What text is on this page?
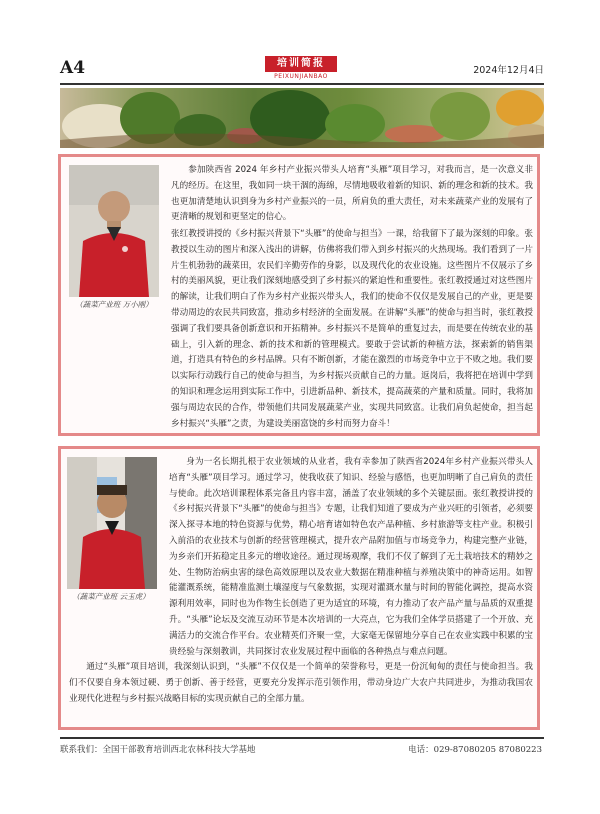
A4	培训简报
PEIXUNJIANBAO
2024年12月4日
（蔬菜产业班 万小刚）

参加陕西省 2024 年乡村产业振兴带头人培育“头雁”项目学习，对我而言，是一次意义非凡的经历。在这里，我如同一块干涸的海绵，尽情地吸收着新的知识、新的理念和新的技术。我也更加清楚地认识到身为乡村产业振兴的一员，所肩负的重大责任，对未来蔬菜产业的发展有了更清晰的规划和更坚定的信心。

张红教授讲授的《乡村振兴背景下“头雁”的使命与担当》一课，给我留下了最为深刻的印象。张教授以生动的图片和深入浅出的讲解，仿佛将我们带入到乡村振兴的火热现场。我们看到了一片片生机勃勃的蔬菜田，农民们辛勤劳作的身影，以及现代化的农业设施。这些图片不仅展示了乡村的美丽风貌，更让我们深刻地感受到了乡村振兴的紧迫性和重要性。张红教授通过对这些图片的解读，让我们明白了作为乡村产业振兴带头人，我们的使命不仅仅是发展自己的产业，更是要带动周边的农民共同致富，推动乡村经济的全面发展。在讲解“头雁”的使命与担当时，张红教授强调了我们要具备创新意识和开拓精神。乡村振兴不是简单的重复过去，而是要在传统农业的基础上，引入新的理念、新的技术和新的管理模式。要敢于尝试新的种植方法，探索新的销售渠道，打造具有特色的乡村品牌。只有不断创新，才能在激烈的市场竞争中立于不败之地。我们要以实际行动践行自己的使命与担当，为乡村振兴贡献自己的力量。返岗后，我将把在培训中学到的知识和理念运用到实际工作中，引进新品种、新技术，提高蔬菜的产量和质量。同时，我将加强与周边农民的合作，带领他们共同发展蔬菜产业，实现共同致富。让我们肩负起使命，担当起乡村振兴“头雁”之责，为建设美丽富饶的乡村而努力奋斗！

（蔬菜产业班 云玉虎）

身为一名长期扎根于农业领域的从业者，我有幸参加了陕西省2024年乡村产业振兴带头人培育“头雁”项目学习。通过学习，使我收获了知识、经验与感悟，也更加明晰了自己肩负的责任与使命。此次培训课程体系完备且内容丰富，涵盖了农业领域的多个关键层面。张红教授讲授的《乡村振兴背景下“头雁”的使命与担当》专题，让我们知道了要成为产业兴旺的引领者，必须要深入探寻本地的特色资源与优势，精心培育诸如特色农产品种植、乡村旅游等支柱产业。积极引入前沿的农业技术与创新的经营管理模式，提升农产品附加值与市场竞争力，构建完整产业链，为乡亲们开拓稳定且多元的增收途径。通过现场观摩，我们不仅了解到了无土栽培技术的精妙之处、生物防治病虫害的绿色高效原理以及农业大数据在精准种植与养殖决策中的神奇运用。如智能灌溉系统，能精准监测土壤湿度与气象数据，实现对灌溉水量与时间的智能化调控，提高水资源利用效率，同时也为作物生长创造了更为适宜的环境，有力推动了农产品产量与品质的双重提升。“头雁”论坛及交流互动环节是本次培训的一大亮点，它为我们全体学员搭建了一个开放、充满活力的交流合作平台。农业精英们齐聚一堂，大家毫无保留地分享自己在农业实践中积累的宝贵经验与深刻教训，共同探讨农业发展过程中面临的各种热点与难点问题。

通过“头雁”项目培训，我深刻认识到，“头雁”不仅仅是一个简单的荣誉称号，更是一份沉甸甸的责任与使命担当。我们不仅要自身本领过硬、勇于创新、善于经营，更要充分发挥示范引领作用，带动身边广大农户共同进步，为推动我国农业现代化进程与乡村振兴战略目标的实现贡献自己的全部力量。

联系我们：全国干部教育培训西北农林科技大学基地	电话：029-87080205 87080223
